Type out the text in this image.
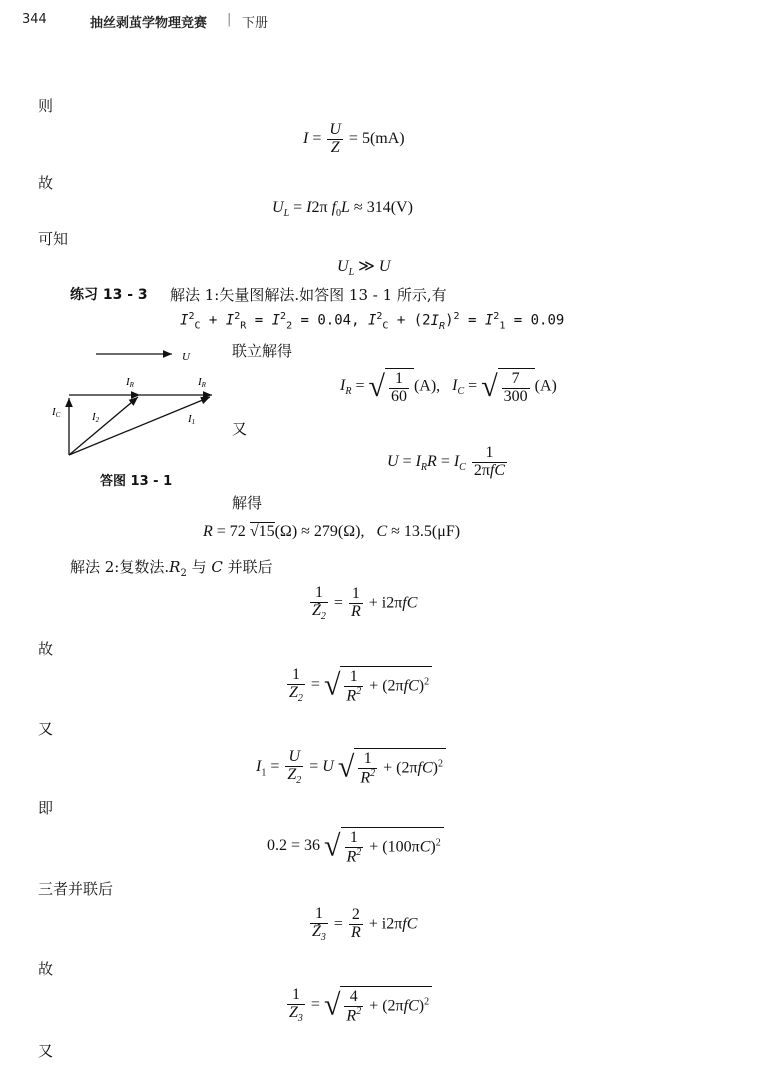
344	抽丝剥茧学物理竞赛 | 下册
则
$I = \frac{U}{Z} = 5(mA)$
故
$U_L = I2\pi$ $f_0L \approx 314(V)$
可知
$U_L$ ≫ U
练习 13 - 3 解法 1:矢量图解法.如答图 13 - 1 所示,有
$I^2_C + I^2_R = I^2_2 = 0.04$, $I^2_C + (2I_R)^2 = I^2_1 = 0.09$
U
IC
IR	IR
I2	I1
答图 13 - 1
联立解得
$I_R$ = √ $\frac{1}{60} (A)$,   $I_C$ = √ $\frac{7}{300} (A)$
又
$U = I_RR = I_C \frac{1}{\text{2πfC}}$
解得
R = 72 √15(Ω) ≈ 279(Ω),   C ≈ 13.5(μF)
解法 2:复数法$.R_2$ 与 C 并联后
$\frac{1}{Z̃_2} = \frac{1}{R} + i2\pi fC$
故
$\frac{1}{Z_2}$ = √ $\frac{1}{R^2} + (2\pi fC)^2$
又
$I_1 = \frac{U}{Z_2} = U$ √ $\frac{1}{R^2} + (2\pi fC)^2$
即
0.2 = 36 √ $\frac{1}{R^2} + (100\pi C)^2$
三者并联后
$\frac{1}{Z̃_3} = \frac{2}{R} + i2\pi fC$
故
$\frac{1}{Z_3}$ = √ $\frac{4}{R^2} + (2\pi fC)^2$
又
